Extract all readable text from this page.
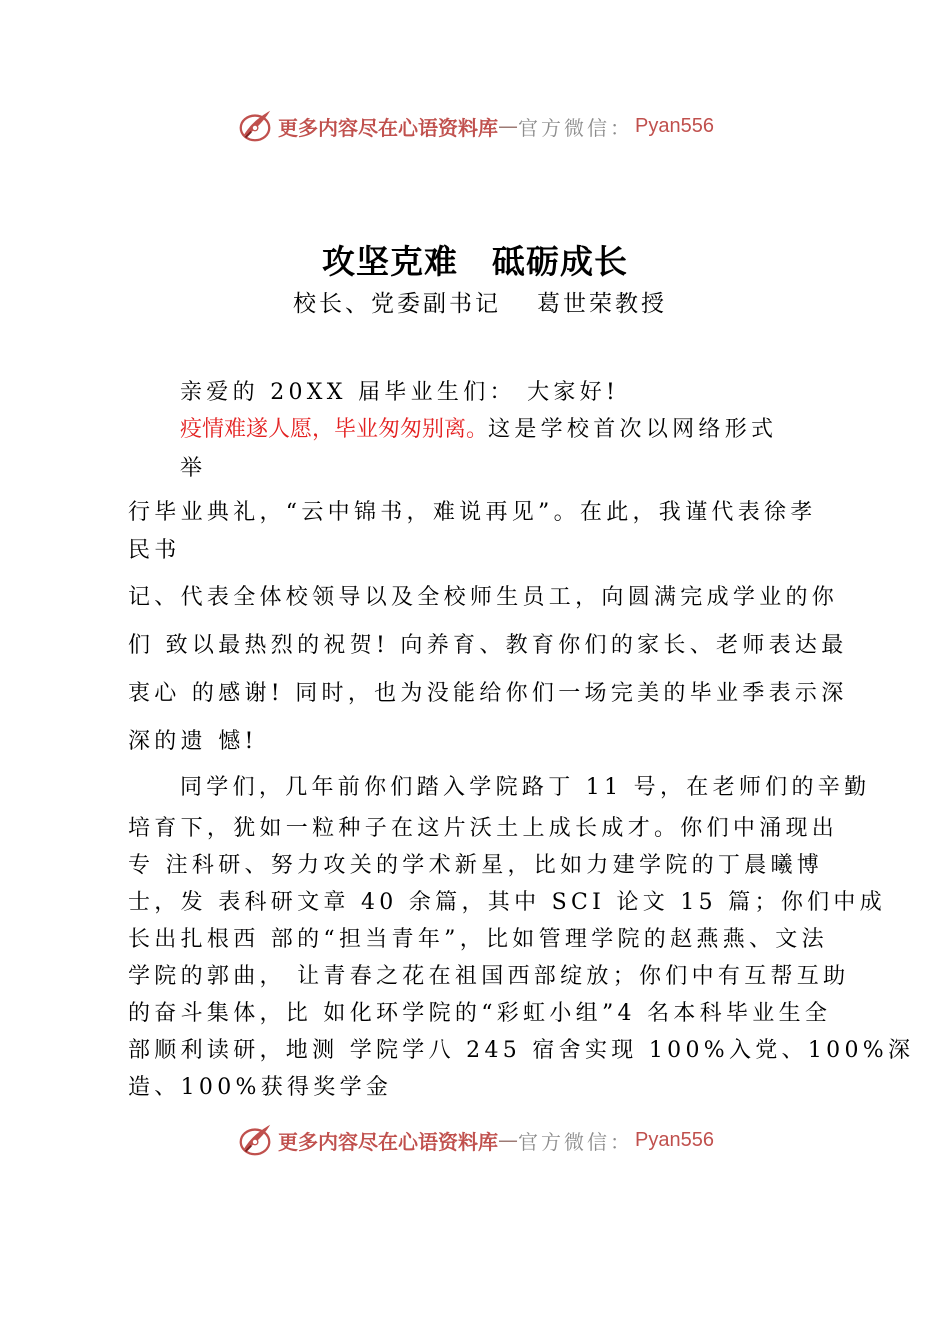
更多内容尽在心语资料库 — 官方微信： Pyan556
攻坚克难　砥砺成长
校长、党委副书记 葛世荣教授
亲爱的 20XX 届毕业生们： 大家好!
疫情难遂人愿，毕业匆匆别离。这是学校首次以网络形式
举
行毕业典礼，“云中锦书，难说再见”。在此，我谨代表徐孝
民书
记、代表全体校领导以及全校师生员工，向圆满完成学业的你
们 致以最热烈的祝贺! 向养育、教育你们的家长、老师表达最
衷心 的感谢! 同时，也为没能给你们一场完美的毕业季表示深
深的遗 憾!
同学们，几年前你们踏入学院路丁 11 号，在老师们的辛勤
培育下，犹如一粒种子在这片沃土上成长成才。你们中涌现出
专 注科研、努力攻关的学术新星，比如力建学院的丁晨曦博
士，发 表科研文章 40 余篇，其中 SCI 论文 15 篇；你们中成
长出扎根西 部的“担当青年”，比如管理学院的赵燕燕、文法
学院的郭曲， 让青春之花在祖国西部绽放；你们中有互帮互助
的奋斗集体，比 如化环学院的“彩虹小组”4 名本科毕业生全
部顺利读研，地测 学院学八 245 宿舍实现 100%入党、100%深
造、100%获得奖学金
更多内容尽在心语资料库 — 官方微信： Pyan556
